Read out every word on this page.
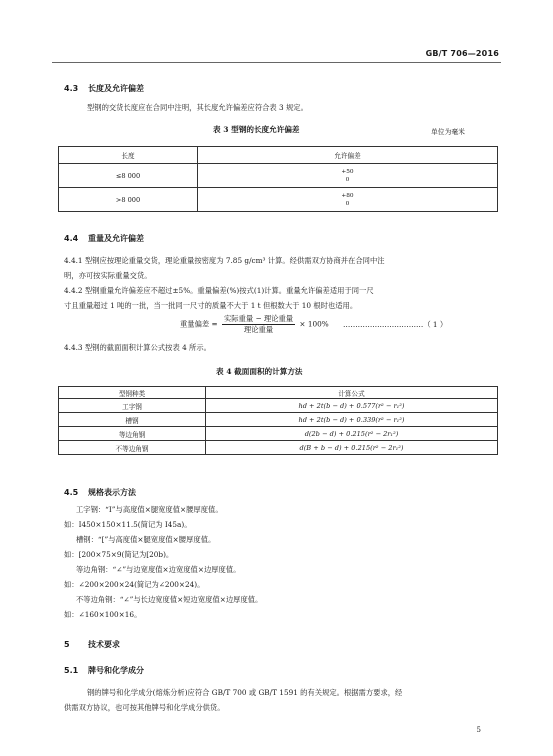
GB/T 706—2016
4.3 长度及允许偏差
型钢的交货长度应在合同中注明，其长度允许偏差应符合表 3 规定。
表 3 型钢的长度允许偏差	单位为毫米
长度	允许偏差
≤8 000	+50
0
>8 000	+80
0
4.4 重量及允许偏差
4.4.1 型钢应按理论重量交货，理论重量按密度为 7.85 g/cm³ 计算。经供需双方协商并在合同中注
明，亦可按实际重量交货。
4.4.2 型钢重量允许偏差应不超过±5%。重量偏差(%)按式(1)计算。重量允许偏差适用于同一尺
寸且重量超过 1 吨的一批，当一批同一尺寸的质量不大于 1 t 但根数大于 10 根时也适用。
重量偏差 = $\frac{\text{实际重量 − 理论重量}}{\text{理论重量}} \times 100\%$ ……………………………（ 1 ）
4.4.3 型钢的截面面积计算公式按表 4 所示。
表 4 截面面积的计算方法
型钢种类	计算公式
工字钢	hd + 2t(b − d) + 0.577(r² − r₁²)
槽钢	hd + 2t(b − d) + 0.339(r² − r₁²)
等边角钢	d(2b − d) + 0.215(r² − 2r₁²)
不等边角钢	d(B + b − d) + 0.215(r² − 2r₁²)
4.5 规格表示方法
工字钢：“Ⅰ”与高度值×腿宽度值×腰厚度值。
如：Ⅰ450×150×11.5(简记为 Ⅰ45a)。
槽钢：“[”与高度值×腿宽度值×腰厚度值。
如：[200×75×9(简记为[20b)。
等边角钢：“∠”与边宽度值×边宽度值×边厚度值。
如：∠200×200×24(简记为∠200×24)。
不等边角钢：“∠”与长边宽度值×短边宽度值×边厚度值。
如：∠160×100×16。
5 技术要求
5.1 牌号和化学成分
钢的牌号和化学成分(熔炼分析)应符合 GB/T 700 或 GB/T 1591 的有关规定。根据需方要求，经
供需双方协议，也可按其他牌号和化学成分供货。
5
